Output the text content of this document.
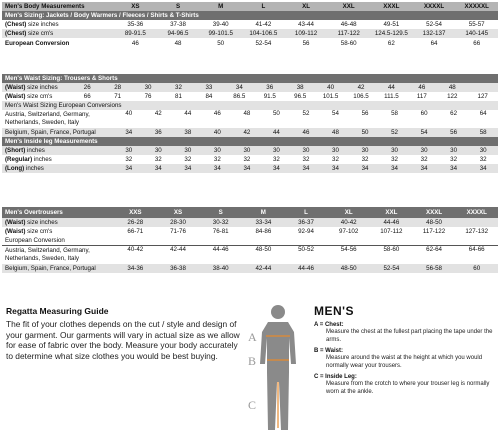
Men's Body Measurements	XS	S	M	L	XL	XXL	XXXL	XXXXL	XXXXXL
Men's Sizing: Jackets / Body Warmers / Fleeces / Shirts & T-Shirts
(Chest) size inches	35-36	37-38	39-40	41-42	43-44	46-48	49-51	52-54	55-57
(Chest) size cm's	89-91.5	94-96.5	99-101.5	104-106.5	109-112	117-122	124.5-129.5	132-137	140-145
European Conversion	46	48	50	52-54	56	58-60	62	64	66
Men's Waist Sizing: Trousers & Shorts
(Waist) size inches	26	28	30	32	33	34	36	38	40	42	44	46	48
(Waist) size cm's	66	71	76	81	84	86.5	91.5	96.5	101.5	106.5	111.5	117	122	127
Men's Waist Sizing European Conversions
Austria, Switzerland, Germany, Netherlands, Sweden, Italy
40	42	44	46	48	50	52	54	56	58	60	62	64
Belgium, Spain, France, Portugal	34	36	38	40	42	44	46	48	50	52	54	56	58
Men's Inside leg Measurements
(Short) inches	30	30	30	30	30	30	30	30	30	30	30	30	30
(Regular) inches	32	32	32	32	32	32	32	32	32	32	32	32	32
(Long) inches	34	34	34	34	34	34	34	34	34	34	34	34	34
Men's Overtrousers	XXS	XS	S	M	L	XL	XXL	XXXL	XXXXL
(Waist) size inches	26-28	28-30	30-32	33-34	36-37	40-42	44-46	48-50
(Waist) size cm's	66-71	71-76	76-81	84-86	92-94	97-102	107-112	117-122	127-132
European Conversion
Austria, Switzerland, Germany, Netherlands, Sweden, Italy
40-42	42-44	44-46	48-50	50-52	54-56	58-60	62-64	64-66
Belgium, Spain, France, Portugal	34-36	36-38	38-40	42-44	44-46	48-50	52-54	56-58	60

Regatta Measuring Guide

The fit of your clothes depends on the cut / style and design of your garment. Our garments will vary in actual size as we allow for ease of fabric over the body. Measure your body accurately to determine what size clothes you would be best buying.

A
B
C

MEN'S

A = Chest:

Measure the chest at the fullest part placing the tape under the arms.

B = Waist:

Measure around the waist at the height at which you would normally wear your trousers.

C = Inside Leg:

Measure from the crotch to where your trouser leg is normally worn at the ankle.
